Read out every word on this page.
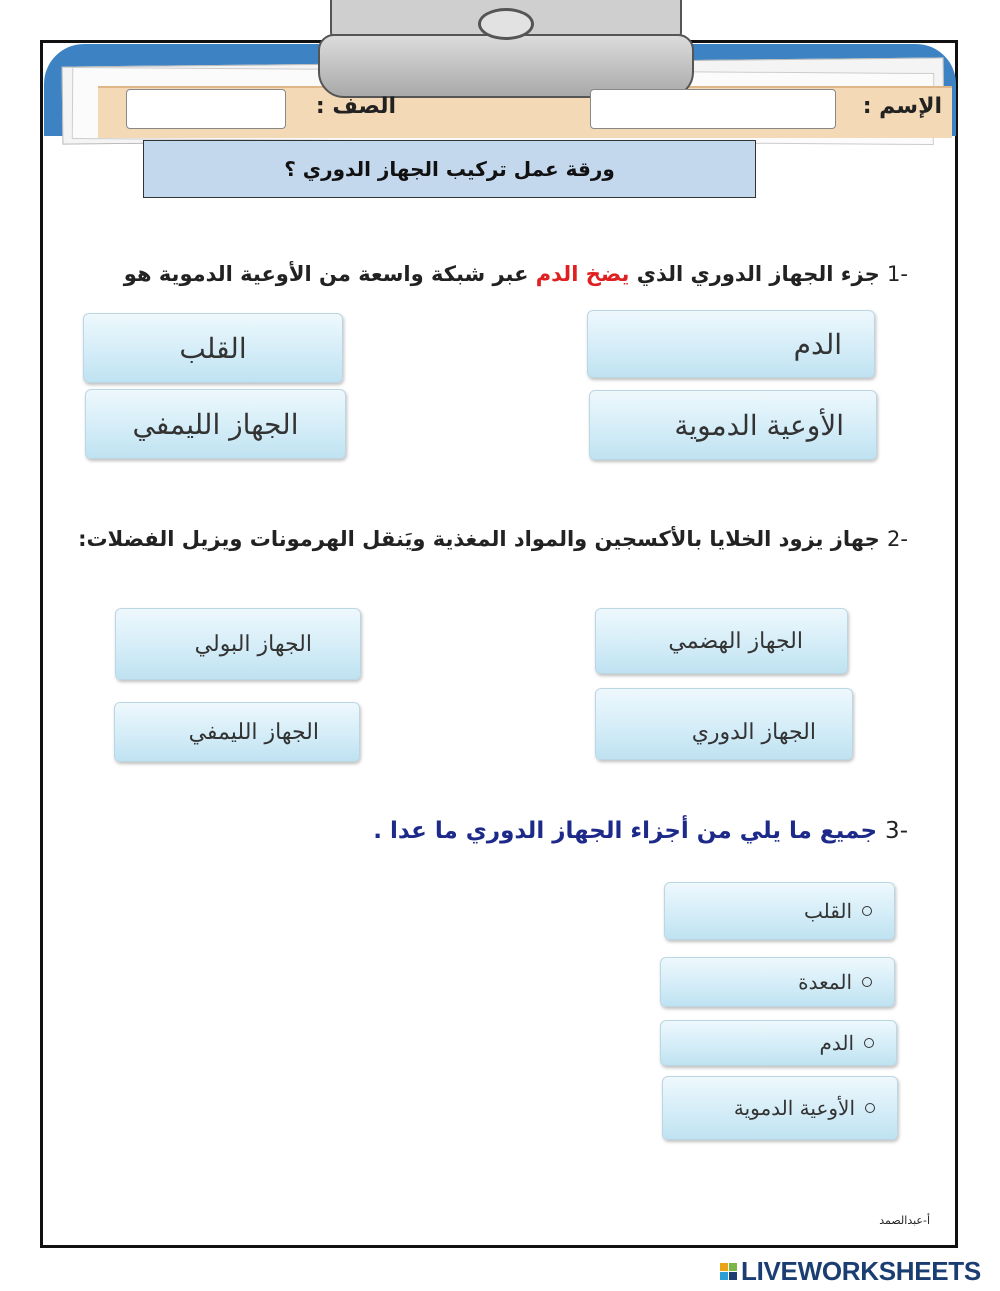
الإسم :
الصف :
ورقة عمل تركيب الجهاز الدوري ؟
-1 جزء الجهاز الدوري الذي يضخ الدم عبر شبكة واسعة من الأوعية الدموية هو
الدم
القلب
الأوعية الدموية
الجهاز الليمفي
-2 جهاز يزود الخلايا بالأكسجين والمواد المغذية ويَنقل الهرمونات ويزيل الفضلات:
الجهاز الهضمي
الجهاز البولي
الجهاز الدوري
الجهاز الليمفي
-3 جميع ما يلي من أجزاء الجهاز الدوري ما عدا .
القلب
المعدة
الدم
الأوعية الدموية
أ-عبدالصمد
LIVEWORKSHEETS
